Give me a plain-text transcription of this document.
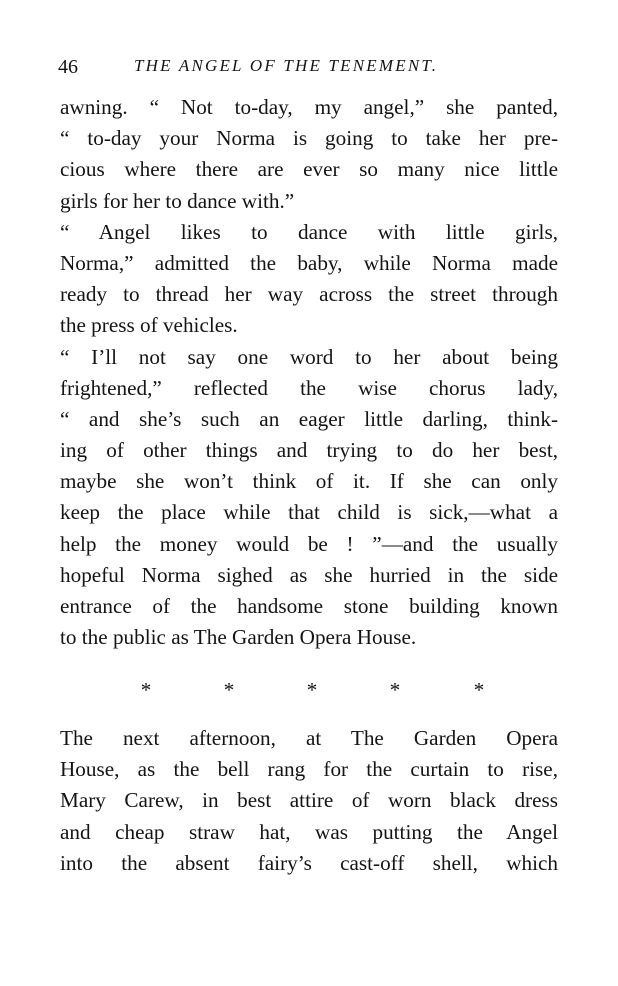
46	THE ANGEL OF THE TENEMENT.
awning. “ Not to-day, my angel,” she panted,
“ to-day your Norma is going to take her pre-
cious where there are ever so many nice little
girls for her to dance with.”
“ Angel likes to dance with little girls,
Norma,” admitted the baby, while Norma made
ready to thread her way across the street through
the press of vehicles.
“ I’ll not say one word to her about being
frightened,” reflected the wise chorus lady,
“ and she’s such an eager little darling, think-
ing of other things and trying to do her best,
maybe she won’t think of it. If she can only
keep the place while that child is sick,—what a
help the money would be ! ”—and the usually
hopeful Norma sighed as she hurried in the side
entrance of the handsome stone building known
to the public as The Garden Opera House.
*	*	*	*	*
The next afternoon, at The Garden Opera
House, as the bell rang for the curtain to rise,
Mary Carew, in best attire of worn black dress
and cheap straw hat, was putting the Angel
into the absent fairy’s cast-off shell, which
